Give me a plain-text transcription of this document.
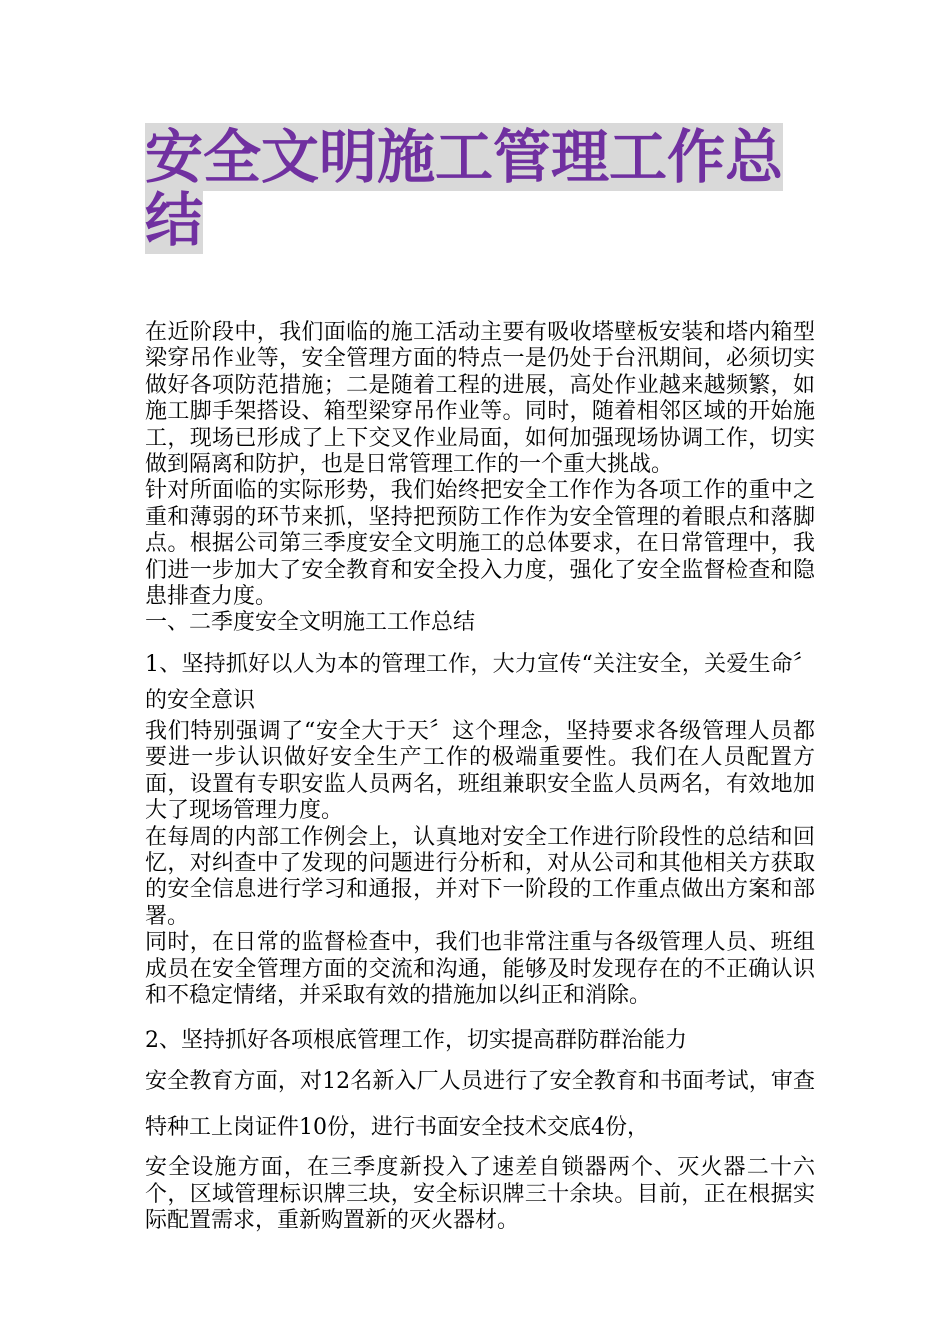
安全文明施工管理工作总结

在近阶段中，我们面临的施工活动主要有吸收塔壁板安装和塔内箱型梁穿吊作业等，安全管理方面的特点一是仍处于台汛期间，必须切实做好各项防范措施；二是随着工程的进展，高处作业越来越频繁，如施工脚手架搭设、箱型梁穿吊作业等。同时，随着相邻区域的开始施工，现场已形成了上下交叉作业局面，如何加强现场协调工作，切实做到隔离和防护，也是日常管理工作的一个重大挑战。

针对所面临的实际形势，我们始终把安全工作作为各项工作的重中之重和薄弱的环节来抓，坚持把预防工作作为安全管理的着眼点和落脚点。根据公司第三季度安全文明施工的总体要求，在日常管理中，我们进一步加大了安全教育和安全投入力度，强化了安全监督检查和隐患排查力度。

一、二季度安全文明施工工作总结

1、坚持抓好以人为本的管理工作，大力宣传“关注安全，关爱生命〞的安全意识

我们特别强调了“安全大于天〞这个理念，坚持要求各级管理人员都要进一步认识做好安全生产工作的极端重要性。我们在人员配置方面，设置有专职安监人员两名，班组兼职安全监人员两名，有效地加大了现场管理力度。

在每周的内部工作例会上，认真地对安全工作进行阶段性的总结和回忆，对纠查中了发现的问题进行分析和，对从公司和其他相关方获取的安全信息进行学习和通报，并对下一阶段的工作重点做出方案和部署。

同时，在日常的监督检查中，我们也非常注重与各级管理人员、班组成员在安全管理方面的交流和沟通，能够及时发现存在的不正确认识和不稳定情绪，并采取有效的措施加以纠正和消除。

2、坚持抓好各项根底管理工作，切实提高群防群治能力

安全教育方面，对12名新入厂人员进行了安全教育和书面考试，审查特种工上岗证件10份，进行书面安全技术交底4份，

安全设施方面，在三季度新投入了速差自锁器两个、灭火器二十六个，区域管理标识牌三块，安全标识牌三十余块。目前，正在根据实际配置需求，重新购置新的灭火器材。
